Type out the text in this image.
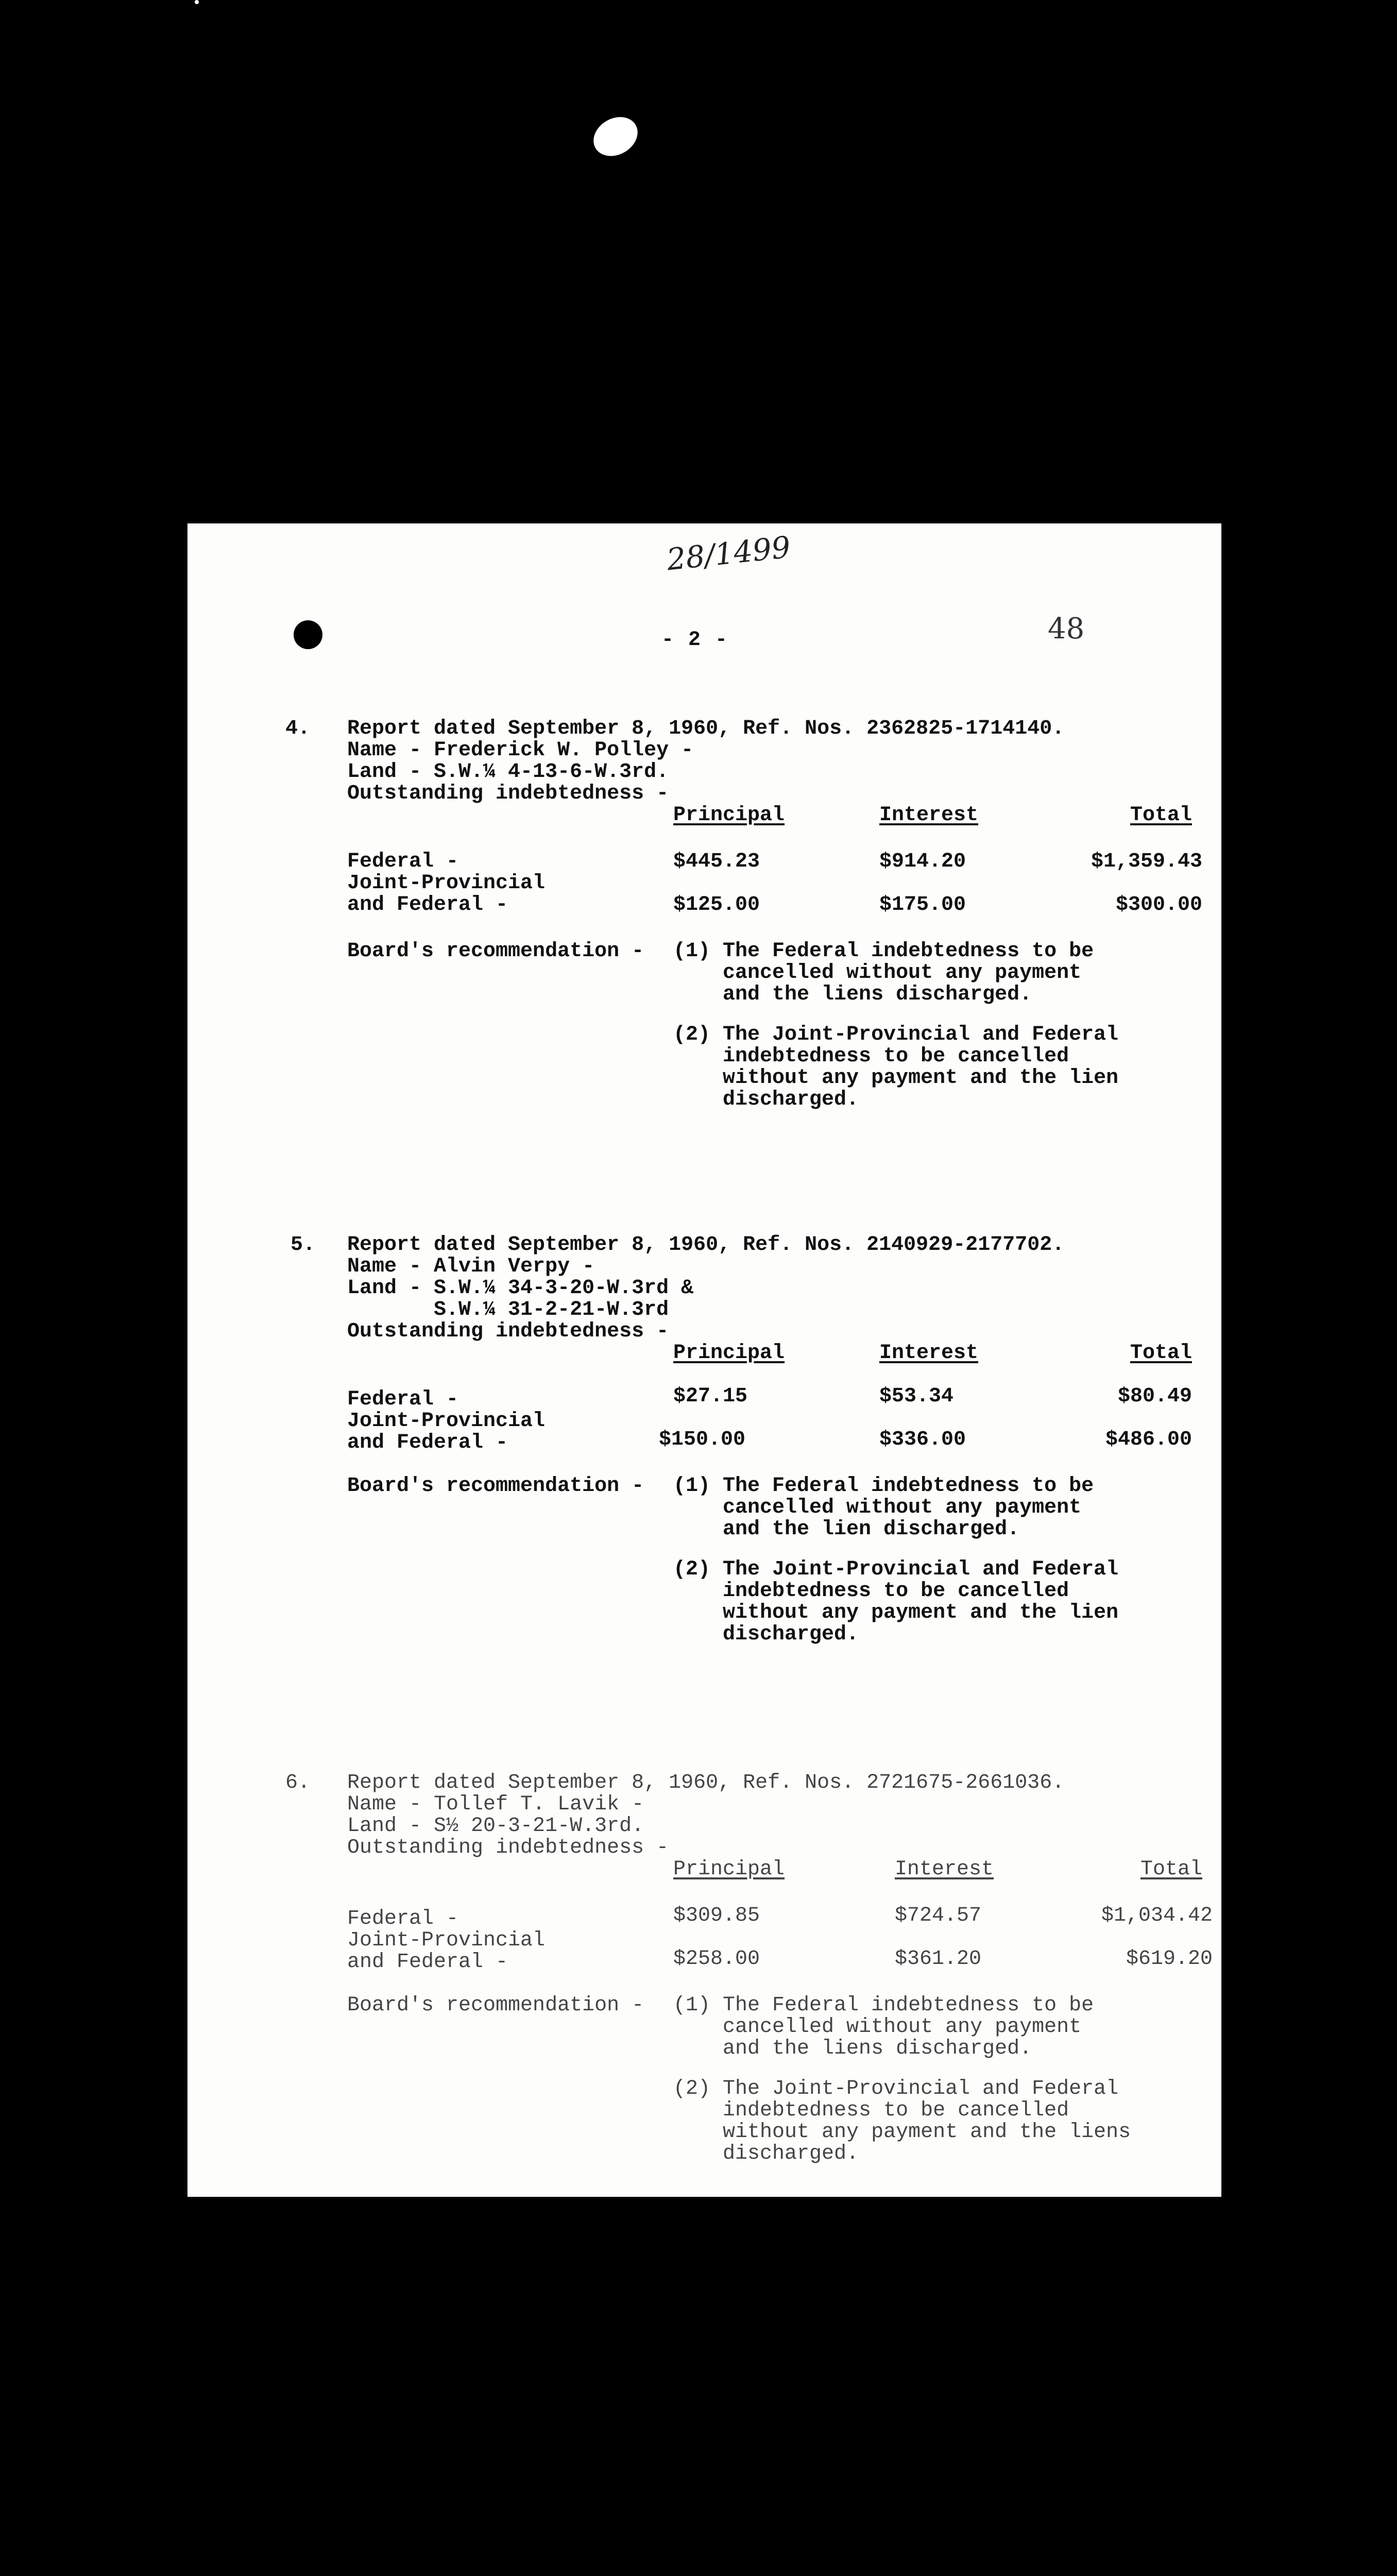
28/1499
48
- 2 -
4. Report dated September 8, 1960, Ref. Nos. 2362825-1714140.
Name - Frederick W. Polley -
Land - S.W.¼ 4-13-6-W.3rd.
Outstanding indebtedness -
Principal	Interest	Total
Federal -	$445.23	$914.20	$1,359.43
Joint-Provincial
and Federal -	$125.00	$175.00	$300.00
Board's recommendation - (1) The Federal indebtedness to be
cancelled without any payment
and the liens discharged.
(2) The Joint-Provincial and Federal
indebtedness to be cancelled
without any payment and the lien
discharged.
5. Report dated September 8, 1960, Ref. Nos. 2140929-2177702.
Name - Alvin Verpy -
Land - S.W.¼ 34-3-20-W.3rd &
S.W.¼ 31-2-21-W.3rd
Outstanding indebtedness -
Principal	Interest	Total
Federal -	$27.15	$53.34	$80.49
Joint-Provincial
and Federal -	$150.00	$336.00	$486.00
Board's recommendation - (1) The Federal indebtedness to be
cancelled without any payment
and the lien discharged.
(2) The Joint-Provincial and Federal
indebtedness to be cancelled
without any payment and the lien
discharged.
6. Report dated September 8, 1960, Ref. Nos. 2721675-2661036.
Name - Tollef T. Lavik -
Land - S½ 20-3-21-W.3rd.
Outstanding indebtedness -
Principal	Interest	Total
Federal -	$309.85	$724.57	$1,034.42
Joint-Provincial
and Federal -	$258.00	$361.20	$619.20
Board's recommendation - (1) The Federal indebtedness to be
cancelled without any payment
and the liens discharged.
(2) The Joint-Provincial and Federal
indebtedness to be cancelled
without any payment and the liens
discharged.
